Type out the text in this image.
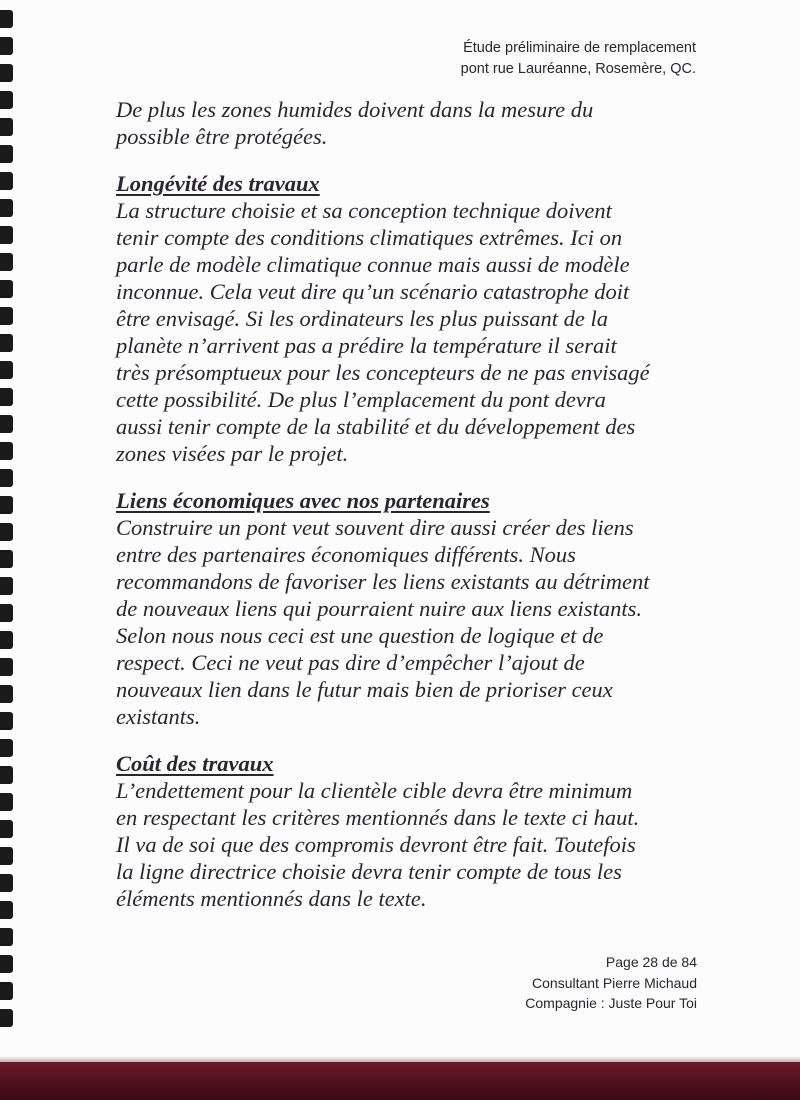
Étude préliminaire de remplacement
pont rue Lauréanne, Rosemère, QC.

De plus les zones humides doivent dans la mesure du
possible être protégées.

Longévité des travaux
La structure choisie et sa conception technique doivent
tenir compte des conditions climatiques extrêmes. Ici on
parle de modèle climatique connue mais aussi de modèle
inconnue. Cela veut dire qu’un scénario catastrophe doit
être envisagé. Si les ordinateurs les plus puissant de la
planète n’arrivent pas a prédire la température il serait
très présomptueux pour les concepteurs de ne pas envisagé
cette possibilité. De plus l’emplacement du pont devra
aussi tenir compte de la stabilité et du développement des
zones visées par le projet.
Liens économiques avec nos partenaires
Construire un pont veut souvent dire aussi créer des liens
entre des partenaires économiques différents. Nous
recommandons de favoriser les liens existants au détriment
de nouveaux liens qui pourraient nuire aux liens existants.
Selon nous nous ceci est une question de logique et de
respect. Ceci ne veut pas dire d’empêcher l’ajout de
nouveaux lien dans le futur mais bien de prioriser ceux
existants.
Coût des travaux
L’endettement pour la clientèle cible devra être minimum
en respectant les critères mentionnés dans le texte ci haut.
Il va de soi que des compromis devront être fait. Toutefois
la ligne directrice choisie devra tenir compte de tous les
éléments mentionnés dans le texte.
Page 28 de 84
Consultant Pierre Michaud
Compagnie : Juste Pour Toi
